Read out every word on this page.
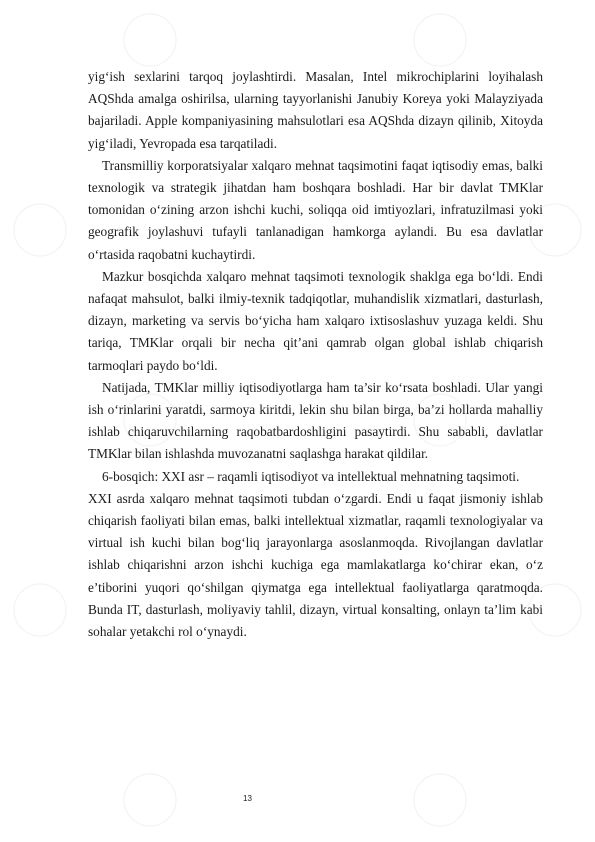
yig‘ish sexlarini tarqoq joylashtirdi. Masalan, Intel mikrochiplarini loyihalash AQShda amalga oshirilsa, ularning tayyorlanishi Janubiy Koreya yoki Malayziyada bajariladi. Apple kompaniyasining mahsulotlari esa AQShda dizayn qilinib, Xitoyda yig‘iladi, Yevropada esa tarqatiladi.

Transmilliy korporatsiyalar xalqaro mehnat taqsimotini faqat iqtisodiy emas, balki texnologik va strategik jihatdan ham boshqara boshladi. Har bir davlat TMKlar tomonidan o‘zining arzon ishchi kuchi, soliqqa oid imtiyozlari, infratuzilmasi yoki geografik joylashuvi tufayli tanlanadigan hamkorga aylandi. Bu esa davlatlar o‘rtasida raqobatni kuchaytirdi.

Mazkur bosqichda xalqaro mehnat taqsimoti texnologik shaklga ega bo‘ldi. Endi nafaqat mahsulot, balki ilmiy-texnik tadqiqotlar, muhandislik xizmatlari, dasturlash, dizayn, marketing va servis bo‘yicha ham xalqaro ixtisoslashuv yuzaga keldi. Shu tariqa, TMKlar orqali bir necha qit’ani qamrab olgan global ishlab chiqarish tarmoqlari paydo bo‘ldi.

Natijada, TMKlar milliy iqtisodiyotlarga ham ta’sir ko‘rsata boshladi. Ular yangi ish o‘rinlarini yaratdi, sarmoya kiritdi, lekin shu bilan birga, ba’zi hollarda mahalliy ishlab chiqaruvchilarning raqobatbardoshligini pasaytirdi. Shu sababli, davlatlar TMKlar bilan ishlashda muvozanatni saqlashga harakat qildilar.

6-bosqich: XXI asr – raqamli iqtisodiyot va intellektual mehnatning taqsimoti.

XXI asrda xalqaro mehnat taqsimoti tubdan o‘zgardi. Endi u faqat jismoniy ishlab chiqarish faoliyati bilan emas, balki intellektual xizmatlar, raqamli texnologiyalar va virtual ish kuchi bilan bog‘liq jarayonlarga asoslanmoqda. Rivojlangan davlatlar ishlab chiqarishni arzon ishchi kuchiga ega mamlakatlarga ko‘chirar ekan, o‘z e’tiborini yuqori qo‘shilgan qiymatga ega intellektual faoliyatlarga qaratmoqda. Bunda IT, dasturlash, moliyaviy tahlil, dizayn, virtual konsalting, onlayn ta’lim kabi sohalar yetakchi rol o‘ynaydi.

13
